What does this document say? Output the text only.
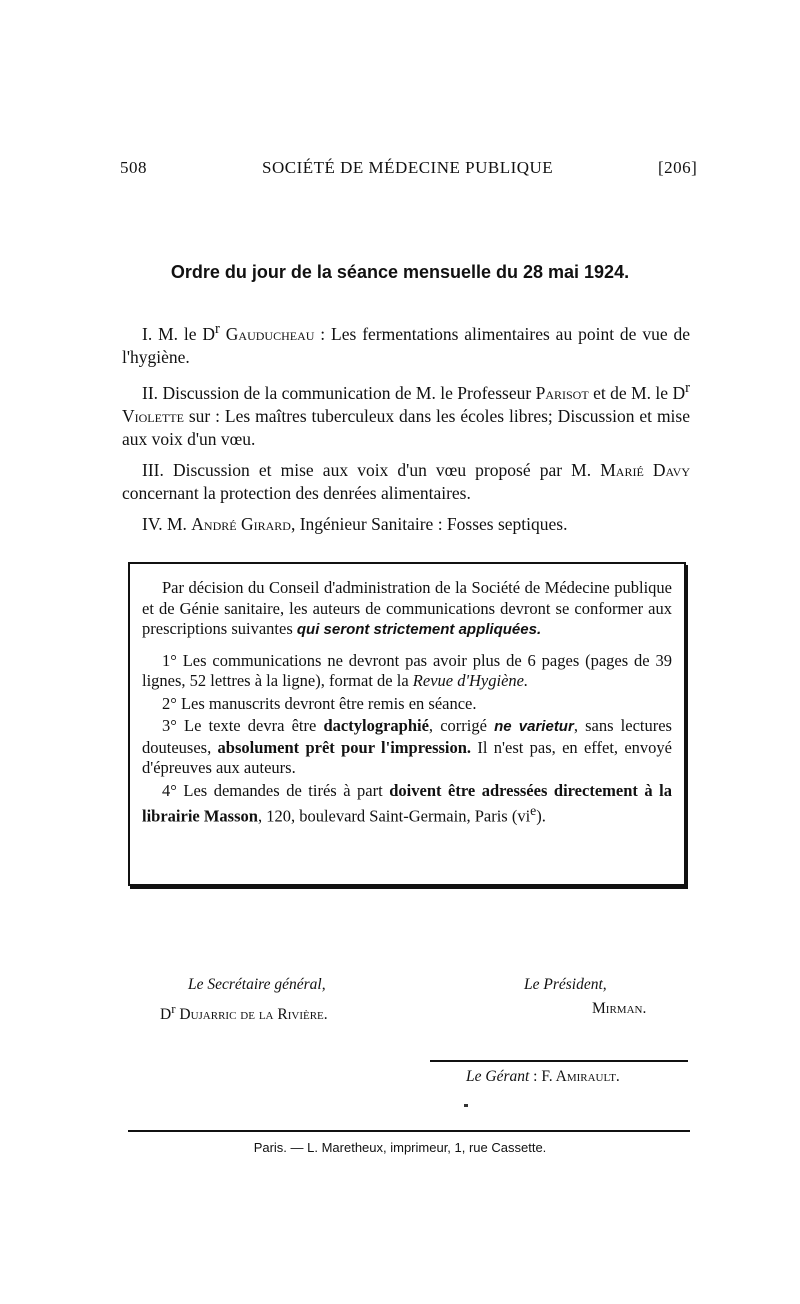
508	SOCIÉTÉ DE MÉDECINE PUBLIQUE	[206]
Ordre du jour de la séance mensuelle du 28 mai 1924.

I. M. le $D^r$ Gauducheau : Les fermentations alimentaires au point de vue de l'hygiène.

II. Discussion de la communication de M. le Professeur Parisot et de M. le $D^r$ Violette sur : Les maîtres tuberculeux dans les écoles libres; Discussion et mise aux voix d'un vœu.

III. Discussion et mise aux voix d'un vœu proposé par M. Marié Davy concernant la protection des denrées alimentaires.

IV. M. André Girard, Ingénieur Sanitaire : Fosses septiques.

Par décision du Conseil d'administration de la Société de Médecine publique et de Génie sanitaire, les auteurs de communications devront se conformer aux prescriptions suivantes qui seront strictement appliquées.

1° Les communications ne devront pas avoir plus de 6 pages (pages de 39 lignes, 52 lettres à la ligne), format de la Revue d'Hygiène.

2° Les manuscrits devront être remis en séance.

3° Le texte devra être dactylographié, corrigé ne varietur, sans lectures douteuses, absolument prêt pour l'impression. Il n'est pas, en effet, envoyé d'épreuves aux auteurs.

4° Les demandes de tirés à part doivent être adressées directement à la librairie Masson, 120, boulevard Saint-Germain, Paris $(vi^e)$.

Le Secrétaire général,
$D^r$ Dujarric de la Rivière.
Le Président,
Mirman.
Le Gérant : F. Amirault.
Paris. — L. Maretheux, imprimeur, 1, rue Cassette.
